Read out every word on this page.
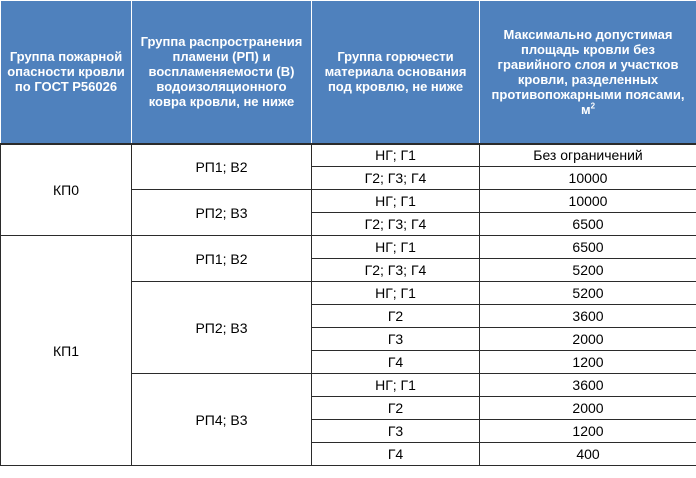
Группа пожарной опасности кровли по ГОСТ Р56026	Группа распространения пламени (РП) и воспламеняемости (В) водоизоляционного ковра кровли, не ниже	Группа горючести материала основания под кровлю, не ниже	Максимально допустимая площадь кровли без гравийного слоя и участков кровли, разделенных противопожарными поясами, $м^2$
КП0	РП1; В2	НГ; Г1	Без ограничений
		Г2; Г3; Г4	10000
	РП2; В3	НГ; Г1	10000
		Г2; Г3; Г4	6500
КП1	РП1; В2	НГ; Г1	6500
		Г2; Г3; Г4	5200
	РП2; В3	НГ; Г1	5200
		Г2	3600
		Г3	2000
		Г4	1200
	РП4; В3	НГ; Г1	3600
		Г2	2000
		Г3	1200
		Г4	400
